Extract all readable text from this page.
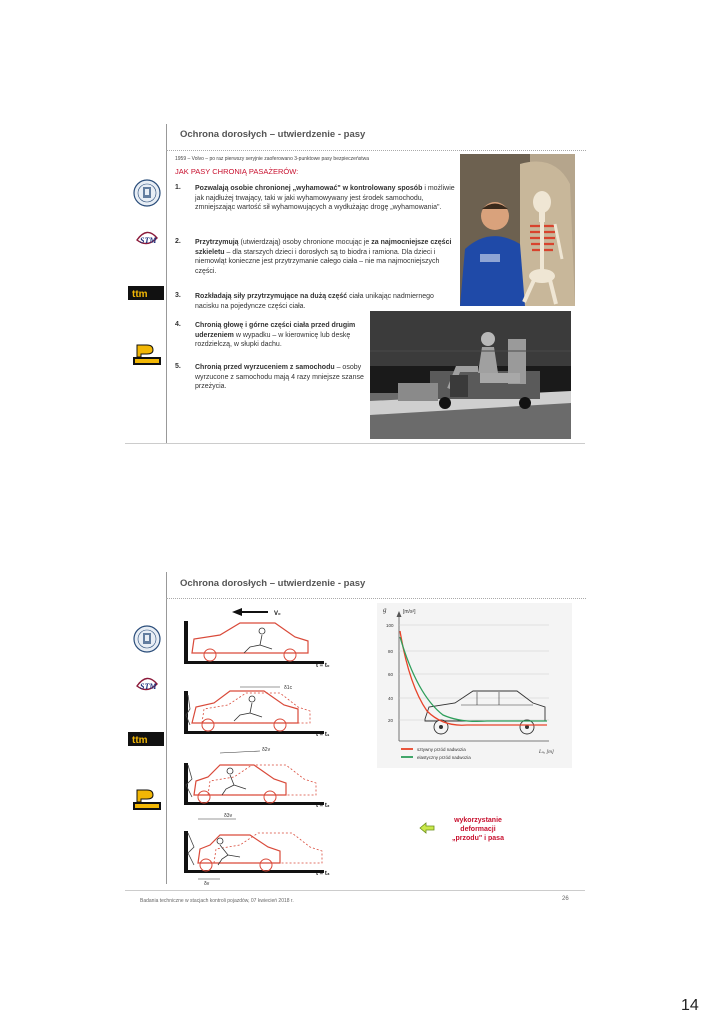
Ochrona dorosłych – utwierdzenie - pasy
STM
ttm
1959 – Volvo – po raz pierwszy seryjnie zaoferowano 3-punktowe pasy bezpieczeństwa
JAK PASY CHRONIĄ PASAŻERÓW:
1. Pozwalają osobie chronionej „wyhamować" w kontrolowany sposób i możliwie jak najdłużej trwający, taki w jaki wyhamowywany jest środek samochodu, zmniejszając wartość sił wyhamowujących a wydłużając drogę „wyhamowania".
2. Przytrzymują (utwierdzają) osoby chronione mocując je za najmocniejsze części szkieletu – dla starszych dzieci i dorosłych są to biodra i ramiona. Dla dzieci i niemowląt konieczne jest przytrzymanie całego ciała – nie ma najmocniejszych części.
3. Rozkładają siły przytrzymujące na dużą część ciała unikając nadmiernego nacisku na pojedyncze części ciała.
4. Chronią głowę i górne części ciała przed drugim uderzeniem w wypadku – w kierownicę lub deskę rozdzielczą, w słupki dachu.
5. Chronią przed wyrzuceniem z samochodu – osoby wyrzucone z samochodu mają 4 razy mniejsze szanse przeżycia.
Ochrona dorosłych – utwierdzenie - pasy
STM
ttm
V₀
t = t₀
δ1c
t = t₁
δ2v
t = t₂
δ3v
δv
t = t₃
g	[m/s²]
100
80
60
40
20
Lₛₐ [m]
sztywny przód nadwozia
elastyczny przód nadwozia
wykorzystanie
deformacji
„przodu" i pasa
Badania techniczne w stacjach kontroli pojazdów, 07 kwiecień 2018 r.	26
14
